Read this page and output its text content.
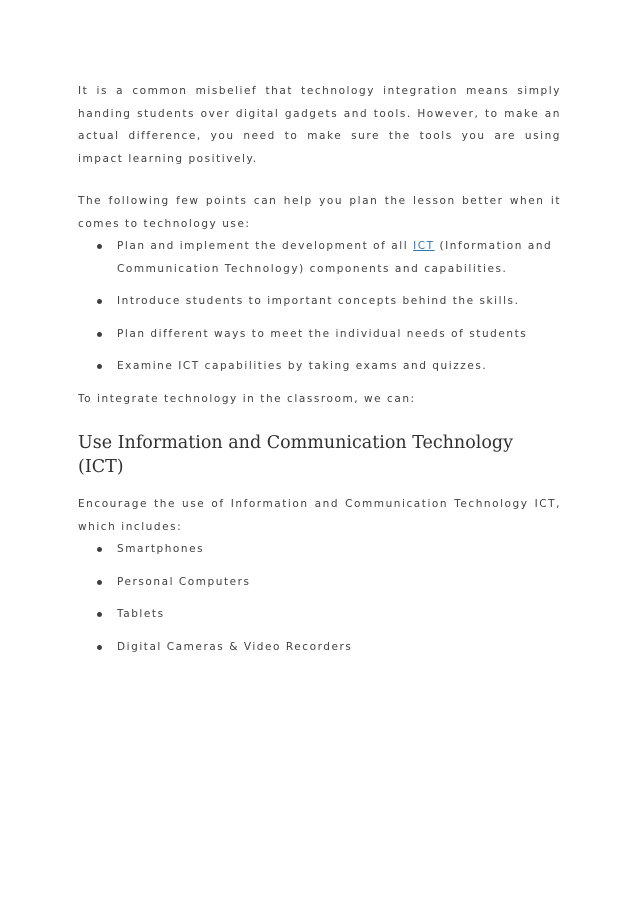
It is a common misbelief that technology integration means simply handing students over digital gadgets and tools. However, to make an actual difference, you need to make sure the tools you are using impact learning positively.

The following few points can help you plan the lesson better when it comes to technology use:

Plan and implement the development of all ICT (Information and Communication Technology) components and capabilities.
Introduce students to important concepts behind the skills.
Plan different ways to meet the individual needs of students
Examine ICT capabilities by taking exams and quizzes.

To integrate technology in the classroom, we can:

Use Information and Communication Technology (ICT)

Encourage the use of Information and Communication Technology ICT, which includes:

Smartphones
Personal Computers
Tablets
Digital Cameras & Video Recorders
